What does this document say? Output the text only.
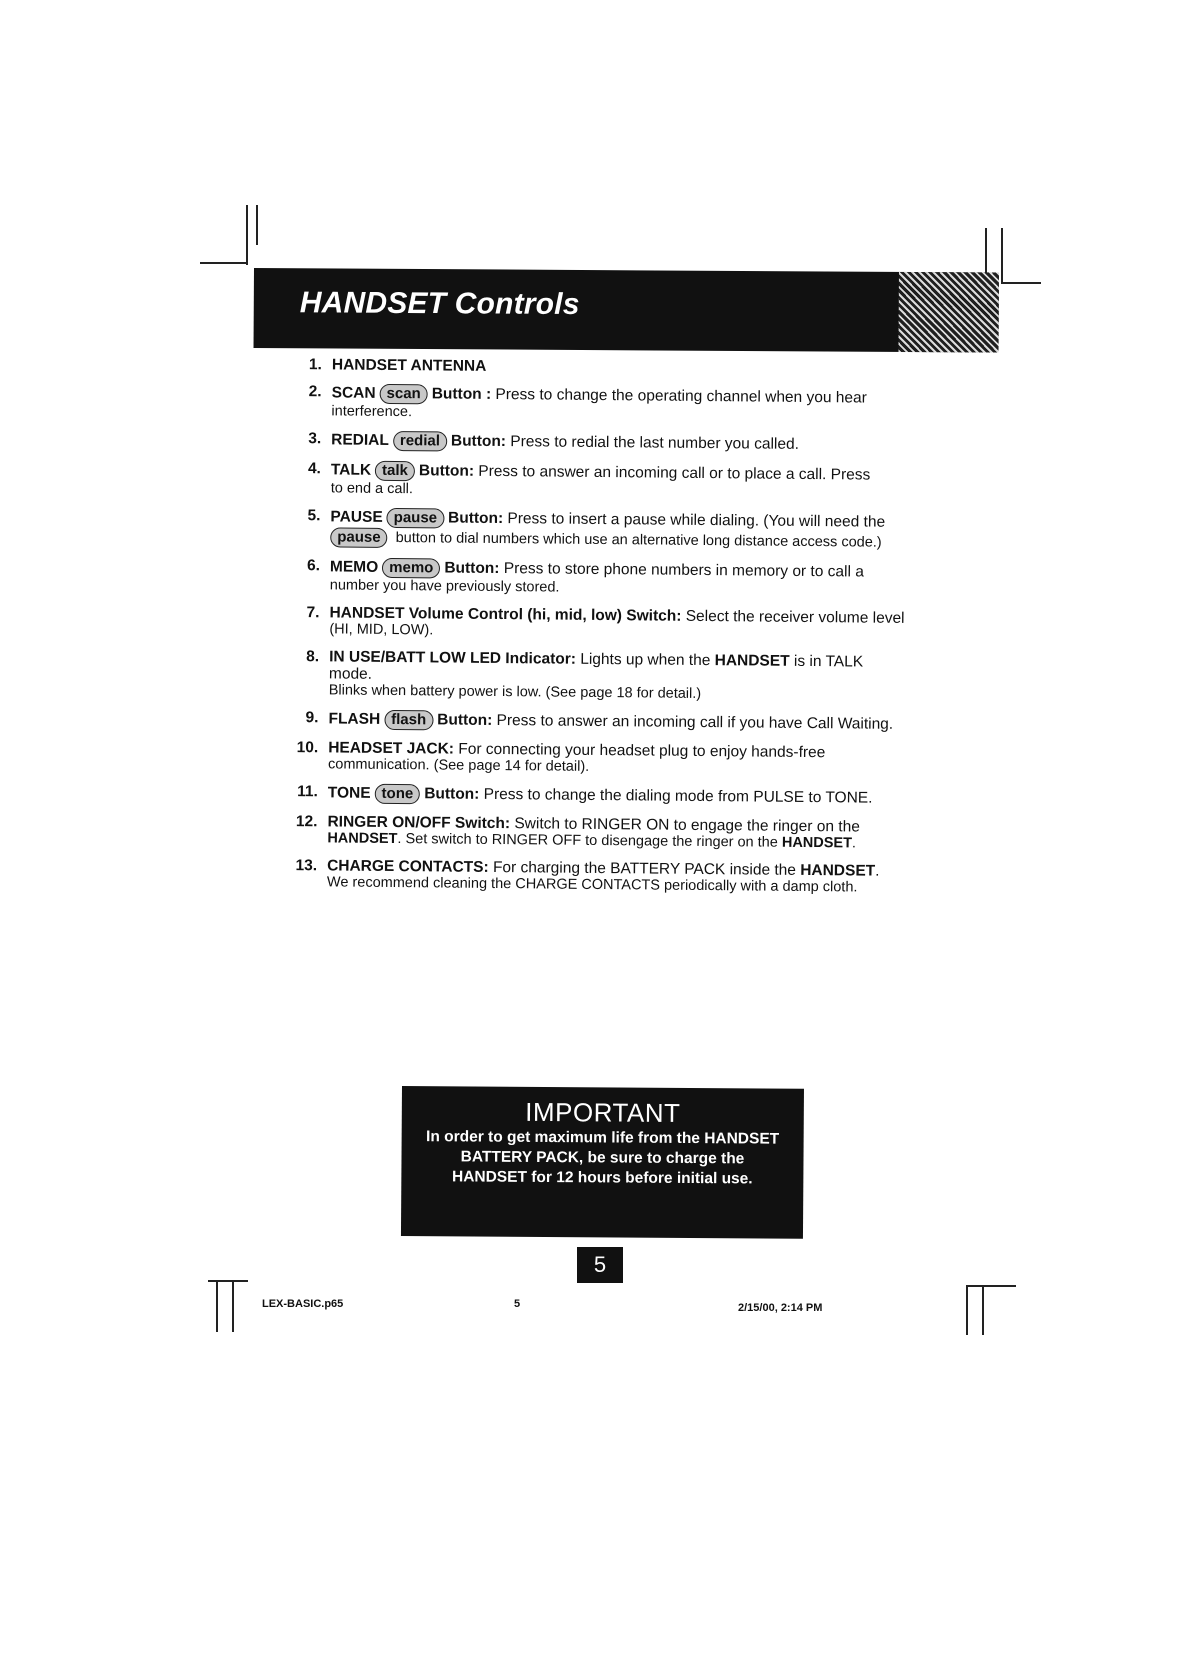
HANDSET Controls
1. HANDSET ANTENNA
2. SCAN scan Button : Press to change the operating channel when you hear
interference.
3. REDIAL redial Button: Press to redial the last number you called.
4. TALK talk Button: Press to answer an incoming call or to place a call. Press
to end a call.
5. PAUSE pause Button: Press to insert a pause while dialing. (You will need the
pause button to dial numbers which use an alternative long distance access code.)
6. MEMO memo Button: Press to store phone numbers in memory or to call a
number you have previously stored.
7. HANDSET Volume Control (hi, mid, low) Switch: Select the receiver volume level
(HI, MID, LOW).
8. IN USE/BATT LOW LED Indicator: Lights up when the HANDSET is in TALK mode.
Blinks when battery power is low. (See page 18 for detail.)
9. FLASH flash Button: Press to answer an incoming call if you have Call Waiting.
10. HEADSET JACK: For connecting your headset plug to enjoy hands-free
communication. (See page 14 for detail).
11. TONE tone Button: Press to change the dialing mode from PULSE to TONE.
12. RINGER ON/OFF Switch: Switch to RINGER ON to engage the ringer on the
HANDSET. Set switch to RINGER OFF to disengage the ringer on the HANDSET.
13. CHARGE CONTACTS: For charging the BATTERY PACK inside the HANDSET.
We recommend cleaning the CHARGE CONTACTS periodically with a damp cloth.
IMPORTANT
In order to get maximum life from the HANDSET
BATTERY PACK, be sure to charge the
HANDSET for 12 hours before initial use.
5
LEX-BASIC.p65	5	2/15/00, 2:14 PM
